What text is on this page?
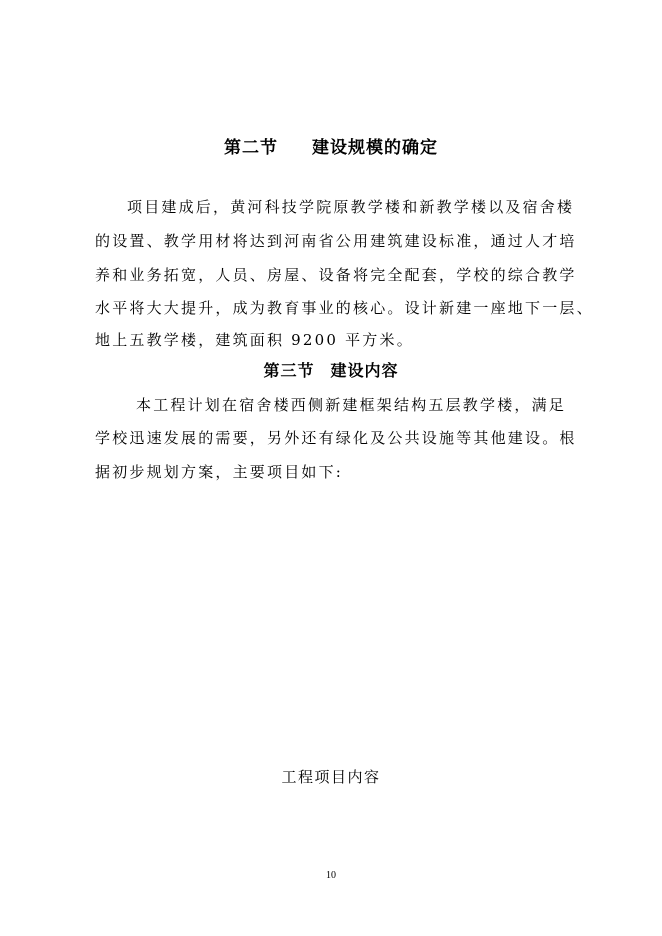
第二节 建设规模的确定
项目建成后，黄河科技学院原教学楼和新教学楼以及宿舍楼
的设置、教学用材将达到河南省公用建筑建设标准，通过人才培
养和业务拓宽，人员、房屋、设备将完全配套，学校的综合教学
水平将大大提升，成为教育事业的核心。设计新建一座地下一层、
地上五教学楼，建筑面积 9200 平方米。
第三节 建设内容
本工程计划在宿舍楼西侧新建框架结构五层教学楼，满足
学校迅速发展的需要，另外还有绿化及公共设施等其他建设。根
据初步规划方案，主要项目如下:
工程项目内容
10
